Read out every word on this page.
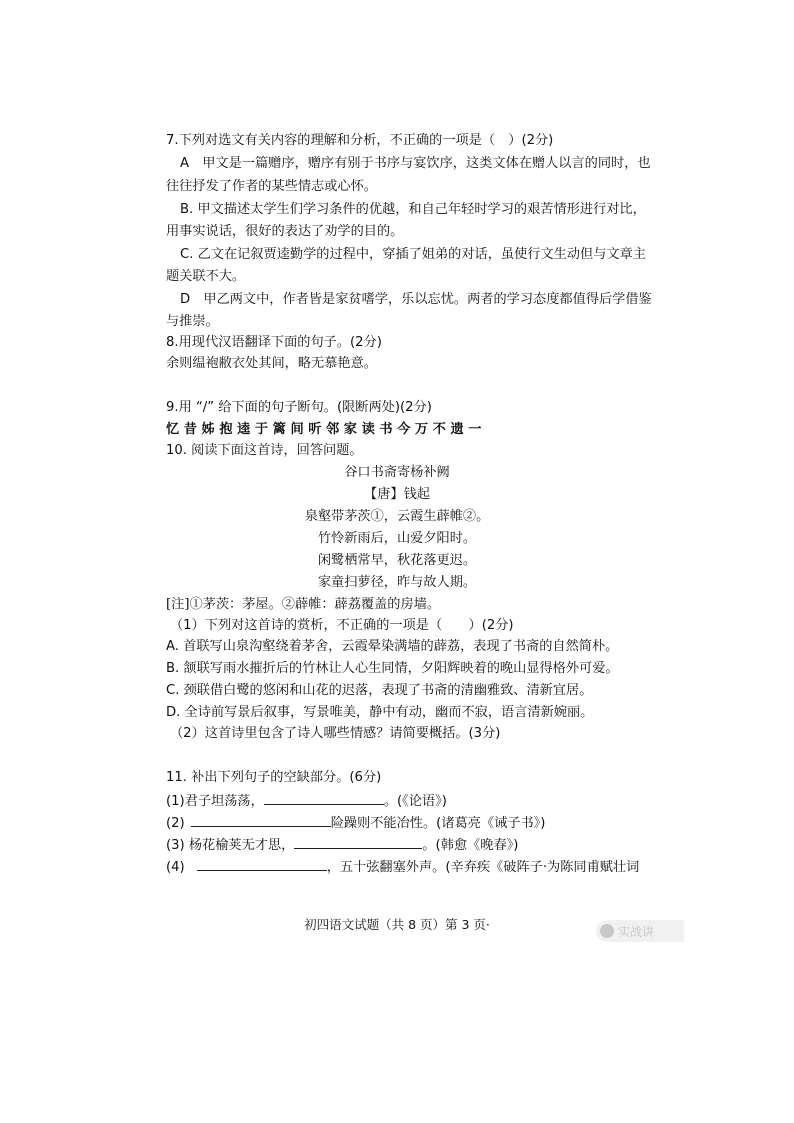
7.下列对选文有关内容的理解和分析，不正确的一项是（　）(2分)
A　甲文是一篇赠序，赠序有别于书序与宴饮序，这类文体在赠人以言的同时，也
往往抒发了作者的某些情志或心怀。
B. 甲文描述太学生们学习条件的优越，和自己年轻时学习的艰苦情形进行对比，
用事实说话，很好的表达了劝学的目的。
C. 乙文在记叙贾逵勤学的过程中，穿插了姐弟的对话，虽使行文生动但与文章主
题关联不大。
D　甲乙两文中，作者皆是家贫嗜学，乐以忘忧。两者的学习态度都值得后学借鉴
与推崇。
8.用现代汉语翻译下面的句子。(2分)
余则缊袍敝衣处其间，略无慕艳意。
9.用 “/” 给下面的句子断句。(限断两处)(2分)
忆 昔 姊 抱 逵 于 篱 间 听 邻 家 读 书 今 万 不 遗 一
10. 阅读下面这首诗，回答问题。
谷口书斋寄杨补阙
【唐】钱起
泉壑带茅茨①，云霞生薜帷②。
竹怜新雨后，山爱夕阳时。
闲鹭栖常早，秋花落更迟。
家童扫萝径，昨与故人期。
[注]①茅茨：茅屋。②薜帷：薜荔覆盖的房墙。
（1）下列对这首诗的赏析，不正确的一项是（　　）(2分)
A. 首联写山泉沟壑绕着茅舍，云霞晕染满墙的薜荔，表现了书斋的自然简朴。
B. 颔联写雨水摧折后的竹林让人心生同情，夕阳辉映着的晚山显得格外可爱。
C. 颈联借白鹭的悠闲和山花的迟落，表现了书斋的清幽雅致、清新宜居。
D. 全诗前写景后叙事，写景唯美，静中有动，幽而不寂，语言清新婉丽。
（2）这首诗里包含了诗人哪些情感？请简要概括。(3分)
11. 补出下列句子的空缺部分。(6分)
(1)君子坦荡荡，	。(《论语》)
(2)	险躁则不能冶性。(诸葛亮《诫子书》)
(3) 杨花榆荚无才思，	。(韩愈《晚春》)
(4)	，五十弦翻塞外声。(辛弃疾《破阵子·为陈同甫赋壮词
初四语文试题（共 8 页）第 3 页·	实战讲
